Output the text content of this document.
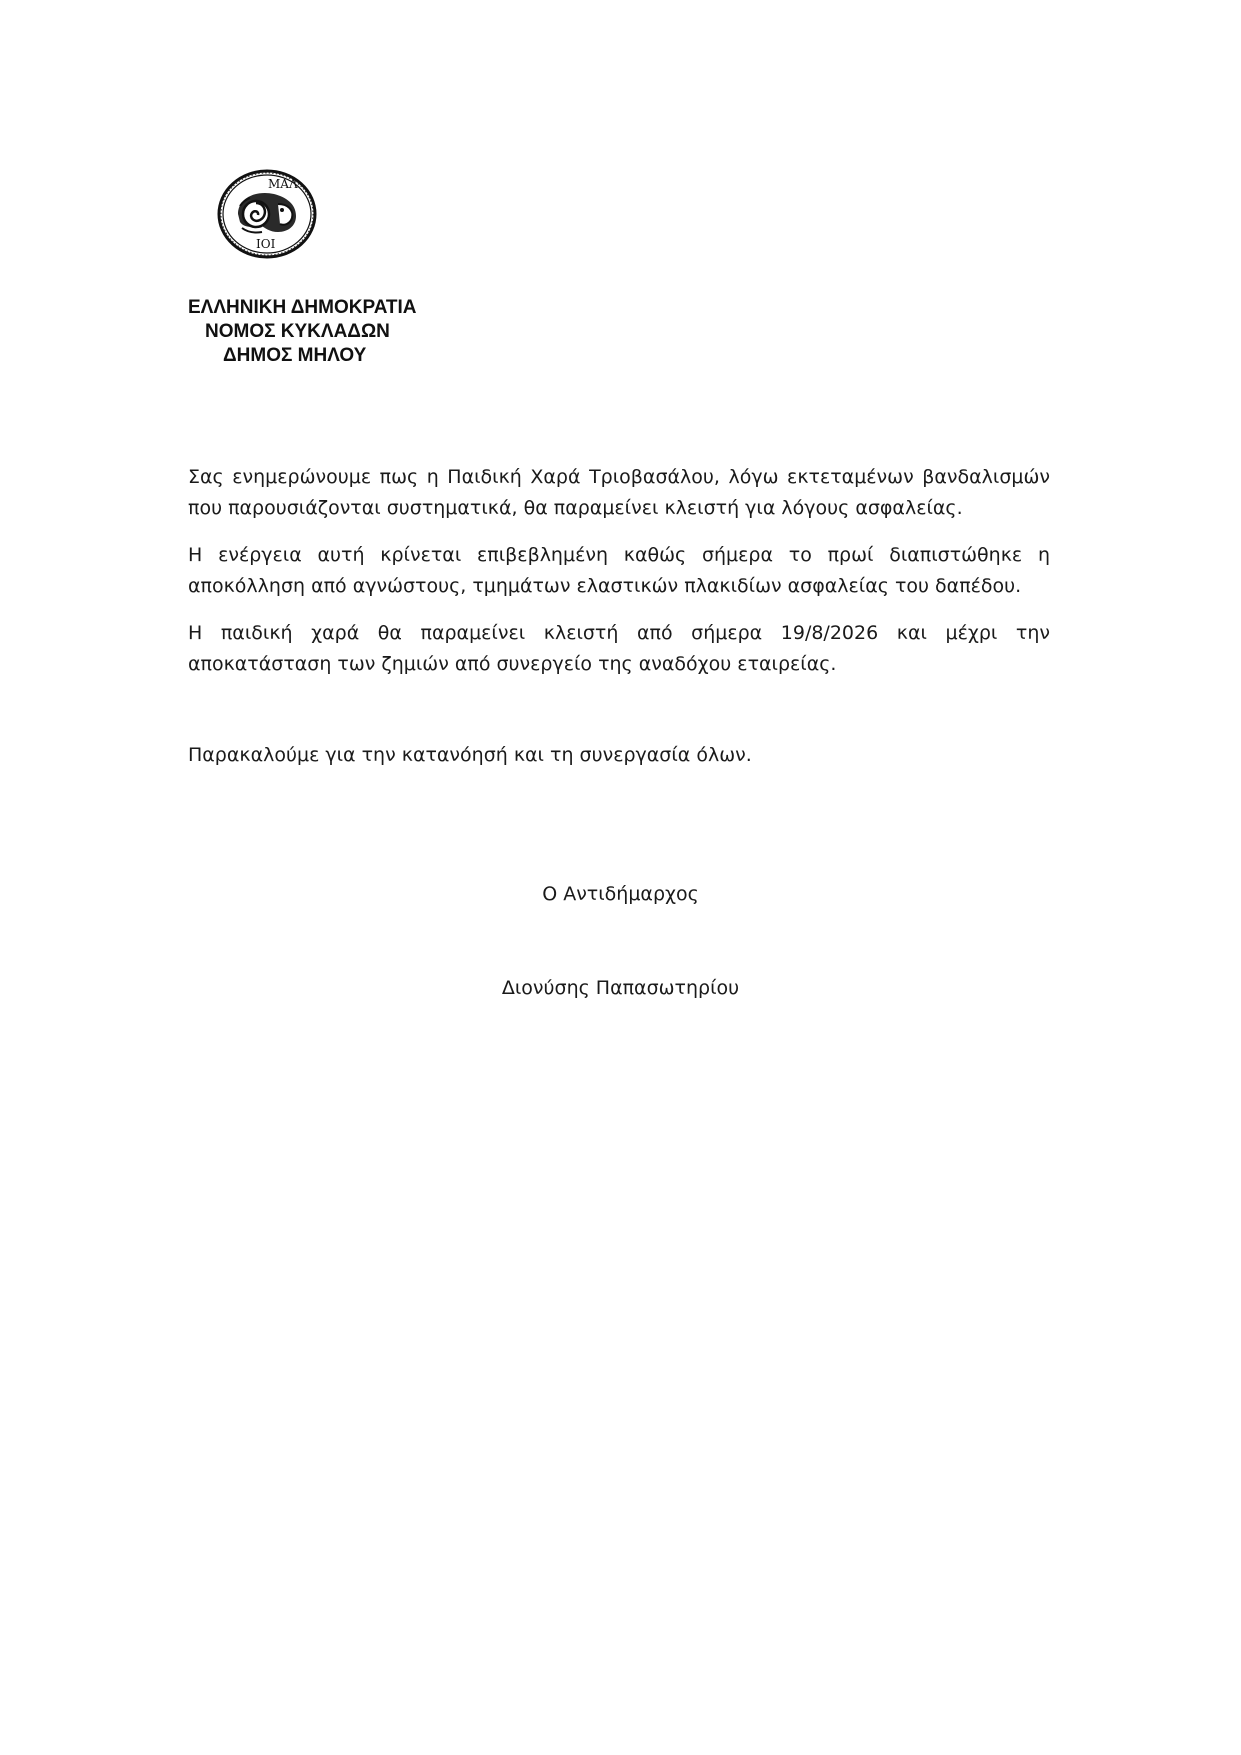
ΜΑΛ
ΙΟΙ
ΕΛΛΗΝΙΚΗ ΔΗΜΟΚΡΑΤΙΑ
ΝΟΜΟΣ ΚΥΚΛΑΔΩΝ
ΔΗΜΟΣ ΜΗΛΟΥ

Σας ενημερώνουμε πως η Παιδική Χαρά Τριοβασάλου, λόγω εκτεταμένων βανδαλισμών που παρουσιάζονται συστηματικά, θα παραμείνει κλειστή για λόγους ασφαλείας.

Η ενέργεια αυτή κρίνεται επιβεβλημένη καθώς σήμερα το πρωί διαπιστώθηκε η αποκόλληση από αγνώστους, τμημάτων ελαστικών πλακιδίων ασφαλείας του δαπέδου.

Η παιδική χαρά θα παραμείνει κλειστή από σήμερα 19/8/2026 και μέχρι την αποκατάσταση των ζημιών από συνεργείο της αναδόχου εταιρείας.

Παρακαλούμε για την κατανόησή και τη συνεργασία όλων.
Ο Αντιδήμαρχος
Διονύσης Παπασωτηρίου
